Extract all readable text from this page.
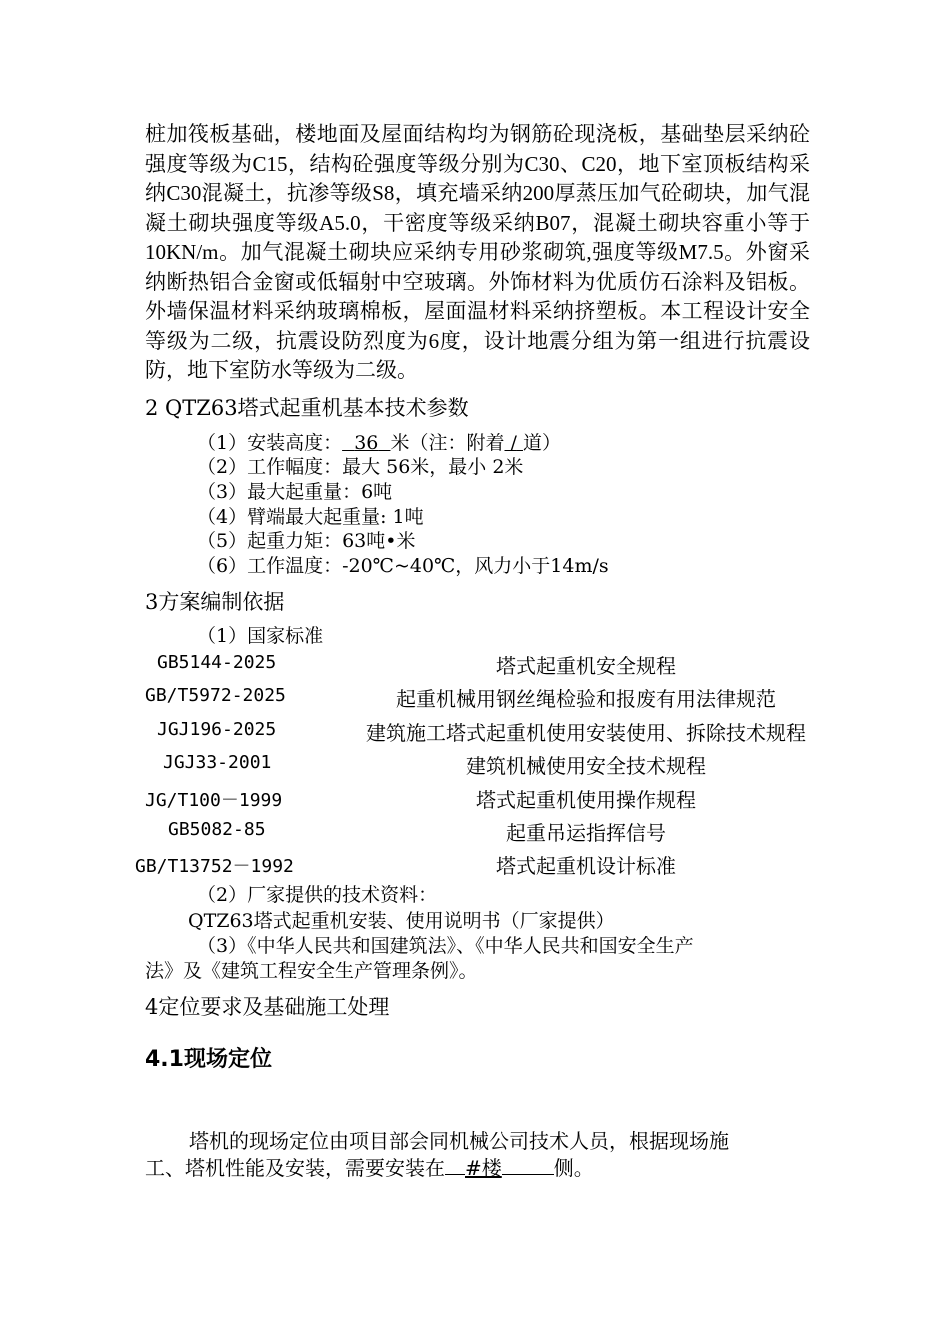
桩加筏板基础，楼地面及屋面结构均为钢筋砼现浇板，基础垫层采纳砼强度等级为C15，结构砼强度等级分别为C30、C20，地下室顶板结构采纳C30混凝土，抗渗等级S8，填充墙采纳200厚蒸压加气砼砌块，加气混凝土砌块强度等级A5.0，干密度等级采纳B07，混凝土砌块容重小等于10KN/m。加气混凝土砌块应采纳专用砂浆砌筑,强度等级M7.5。外窗采纳断热铝合金窗或低辐射中空玻璃。外饰材料为优质仿石涂料及铝板。外墙保温材料采纳玻璃棉板，屋面温材料采纳挤塑板。本工程设计安全等级为二级，抗震设防烈度为6度，设计地震分组为第一组进行抗震设防，地下室防水等级为二级。
2 QTZ63塔式起重机基本技术参数
（1）安装高度： 36 米（注：附着 / 道）
（2）工作幅度：最大 56米，最小 2米
（3）最大起重量：6吨
（4）臂端最大起重量: 1吨
（5）起重力矩：63吨•米
（6）工作温度：-20℃~40℃，风力小于14m/s
3方案编制依据
（1）国家标准
GB5144-2025	塔式起重机安全规程
GB/T5972-2025	起重机械用钢丝绳检验和报废有用法律规范
JGJ196-2025	建筑施工塔式起重机使用安装使用、拆除技术规程
JGJ33-2001	建筑机械使用安全技术规程
JG/T100－1999	塔式起重机使用操作规程
GB5082-85	起重吊运指挥信号
GB/T13752－1992	塔式起重机设计标准
（2）厂家提供的技术资料：
QTZ63塔式起重机安装、使用说明书（厂家提供）
（3）《中华人民共和国建筑法》、《中华人民共和国安全生产
法》及《建筑工程安全生产管理条例》。
4定位要求及基础施工处理
4.1现场定位
塔机的现场定位由项目部会同机械公司技术人员，根据现场施
工、塔机性能及安装，需要安装在 #楼	侧。
